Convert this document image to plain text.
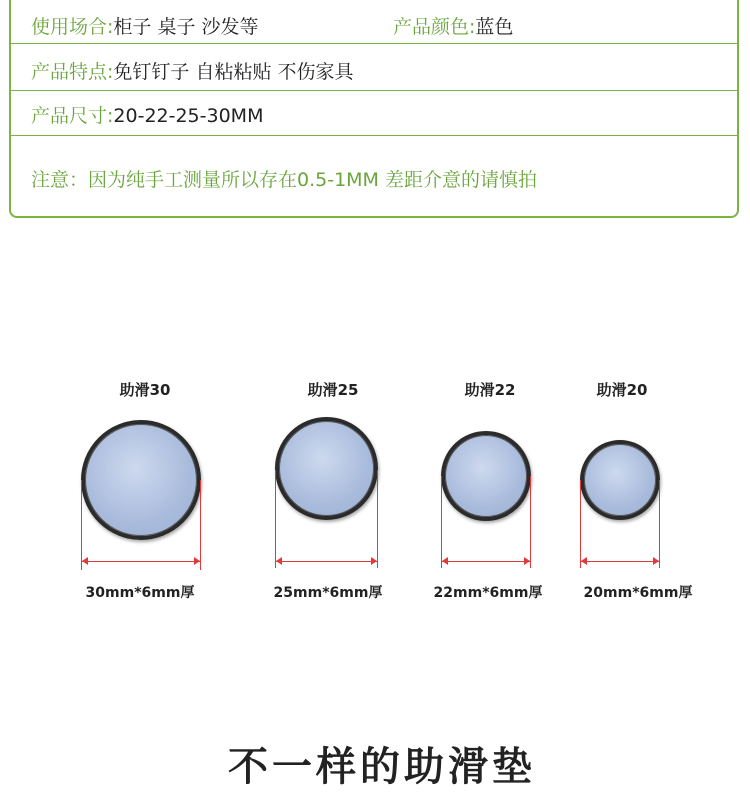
使用场合:柜子 桌子 沙发等	产品颜色:蓝色
产品特点:免钉钉子 自粘粘贴 不伤家具
产品尺寸:20-22-25-30MM
注意：因为纯手工测量所以存在0.5-1MM 差距介意的请慎拍
助滑30
30mm*6mm厚
助滑25
25mm*6mm厚
助滑22
22mm*6mm厚
助滑20
20mm*6mm厚
不一样的助滑垫
